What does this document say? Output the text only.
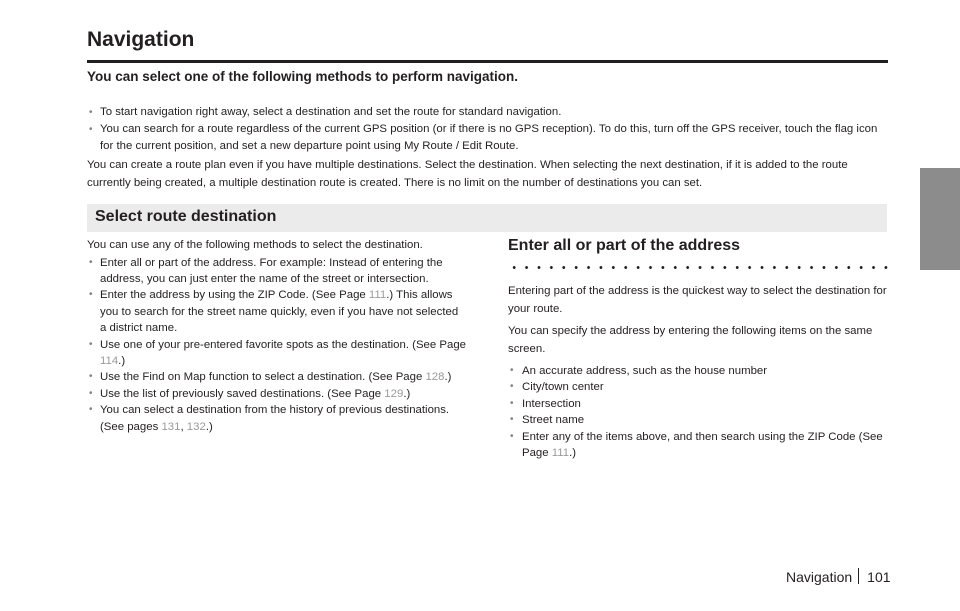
Navigation

You can select one of the following methods to perform navigation.

• To start navigation right away, select a destination and set the route for standard navigation.
• You can search for a route regardless of the current GPS position (or if there is no GPS reception). To do this, turn off the GPS receiver, touch the flag icon for the current position, and set a new departure point using My Route / Edit Route.

You can create a route plan even if you have multiple destinations. Select the destination. When selecting the next destination, if it is added to the route currently being created, a multiple destination route is created. There is no limit on the number of destinations you can set.

Select route destination

You can use any of the following methods to select the destination.

• Enter all or part of the address. For example: Instead of entering the address, you can just enter the name of the street or intersection.
• Enter the address by using the ZIP Code. (See Page 111.) This allows you to search for the street name quickly, even if you have not selected a district name.
• Use one of your pre-entered favorite spots as the destination. (See Page 114.)
• Use the Find on Map function to select a destination. (See Page 128.)
• Use the list of previously saved destinations. (See Page 129.)
• You can select a destination from the history of previous destinations. (See pages 131, 132.)
Enter all or part of the address

Entering part of the address is the quickest way to select the destination for your route.

You can specify the address by entering the following items on the same screen.

• An accurate address, such as the house number
• City/town center
• Intersection
• Street name
• Enter any of the items above, and then search using the ZIP Code (See Page 111.)
Navigation 101
